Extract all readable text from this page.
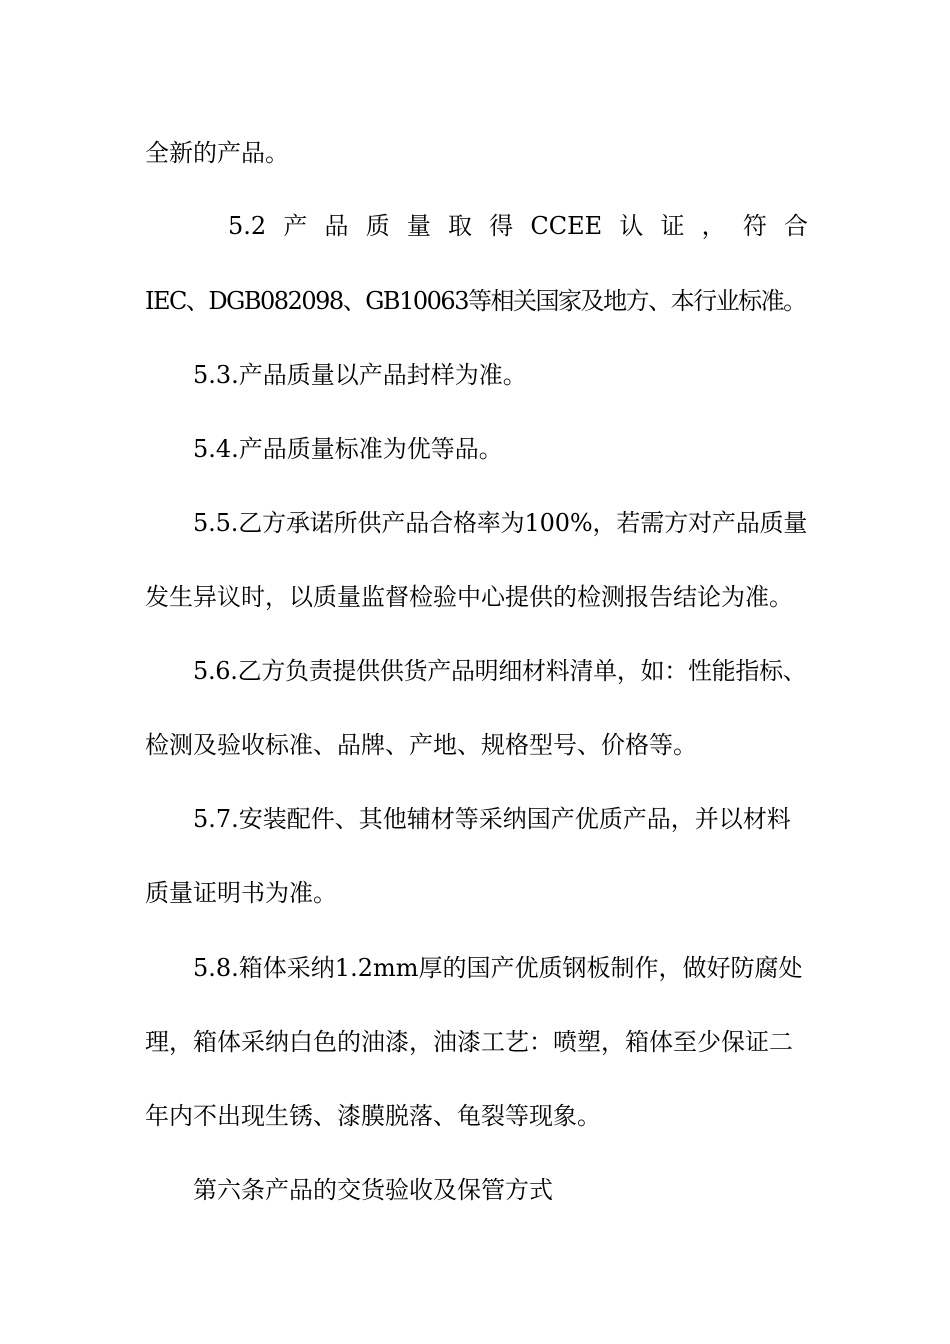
全新的产品。
5.2 产 品 质 量 取 得 CCEE 认 证 ， 符 合
IEC、DGB082098、GB10063等相关国家及地方、本行业标准。
5.3.产品质量以产品封样为准。
5.4.产品质量标准为优等品。
5.5.乙方承诺所供产品合格率为100%，若需方对产品质量
发生异议时，以质量监督检验中心提供的检测报告结论为准。
5.6.乙方负责提供供货产品明细材料清单，如：性能指标、
检测及验收标准、品牌、产地、规格型号、价格等。
5.7.安装配件、其他辅材等采纳国产优质产品，并以材料
质量证明书为准。
5.8.箱体采纳1.2mm厚的国产优质钢板制作，做好防腐处
理，箱体采纳白色的油漆，油漆工艺：喷塑，箱体至少保证二
年内不出现生锈、漆膜脱落、龟裂等现象。
第六条产品的交货验收及保管方式
